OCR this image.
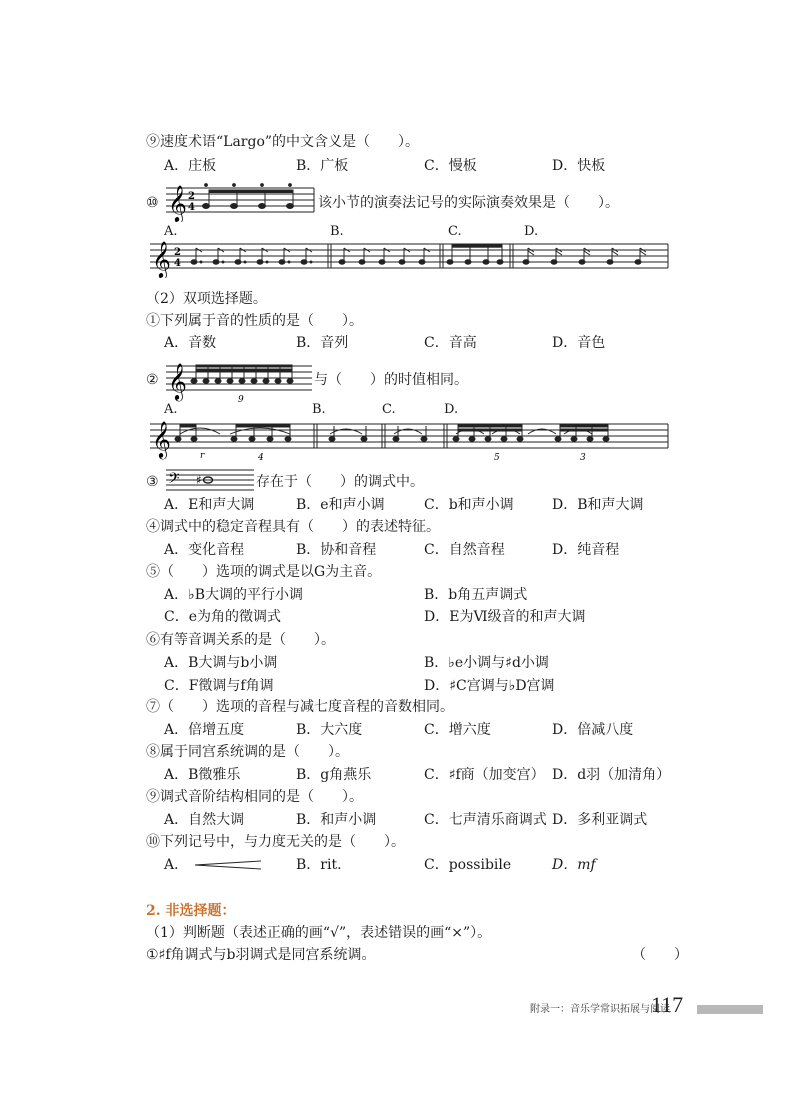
⑨速度术语“Largo”的中文含义是（　　）。
A．庄板	B．广板	C．慢板	D．快板
⑩ 𝄞 2
4	该小节的演奏法记号的实际演奏效果是（　　）。
A.	B.	C.	D.
𝄞 2
4
（2）双项选择题。
①下列属于音的性质的是（　　）。
A．音数	B．音列	C．音高	D．音色
② 𝄞	9
与（　　）的时值相同。
A.	B.	C.	D.
𝄞	r	4	5	3
③ 𝄢 ♯	存在于（　　）的调式中。
A．E和声大调	B．e和声小调	C．b和声小调	D．B和声大调
④调式中的稳定音程具有（　　）的表述特征。
A．变化音程	B．协和音程	C．自然音程	D．纯音程
⑤（　　）选项的调式是以G为主音。
A．♭B大调的平行小调	B．b角五声调式
C．e为角的徵调式	D．E为Ⅵ级音的和声大调
⑥有等音调关系的是（　　）。
A．B大调与b小调	B．♭e小调与♯d小调
C．F徵调与f角调	D．♯C宫调与♭D宫调
⑦（　　）选项的音程与减七度音程的音数相同。
A．倍增五度	B．大六度	C．增六度	D．倍减八度
⑧属于同宫系统调的是（　　）。
A．B徵雅乐	B．g角燕乐	C．♯f商（加变宫） D．d羽（加清角）
⑨调式音阶结构相同的是（　　）。
A．自然大调	B．和声小调	C．七声清乐商调式 D．多利亚调式
⑩下列记号中，与力度无关的是（　　）。
A．	B．rit.	C．possibile	D．mf
2. 非选择题：
（1）判断题（表述正确的画“√”，表述错误的画“×”）。
①♯f角调式与b羽调式是同宫系统调。	（　　）
附录一：音乐学常识拓展与阅读
117
